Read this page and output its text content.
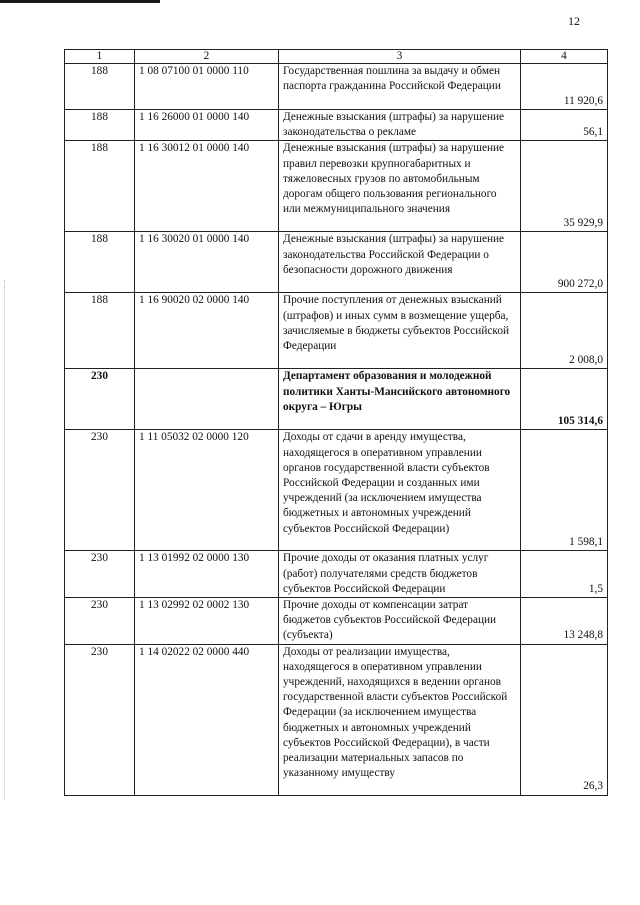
12
1	2	3	4
188	1 08 07100 01 0000 110	Государственная пошлина за выдачу и обмен паспорта гражданина Российской Федерации	11 920,6
188	1 16 26000 01 0000 140	Денежные взыскания (штрафы) за нарушение законодательства о рекламе	56,1
188	1 16 30012 01 0000 140	Денежные взыскания (штрафы) за нарушение правил перевозки крупногабаритных и тяжеловесных грузов по автомобильным дорогам общего пользования регионального или межмуниципального значения	35 929,9
188	1 16 30020 01 0000 140	Денежные взыскания (штрафы) за нарушение законодательства Российской Федерации о безопасности дорожного движения	900 272,0
188	1 16 90020 02 0000 140	Прочие поступления от денежных взысканий (штрафов) и иных сумм в возмещение ущерба, зачисляемые в бюджеты субъектов Российской Федерации	2 008,0
230		Департамент образования и молодежной политики Ханты-Мансийского автономного округа – Югры	105 314,6
230	1 11 05032 02 0000 120	Доходы от сдачи в аренду имущества, находящегося в оперативном управлении органов государственной власти субъектов Российской Федерации и созданных ими учреждений (за исключением имущества бюджетных и автономных учреждений субъектов Российской Федерации)	1 598,1
230	1 13 01992 02 0000 130	Прочие доходы от оказания платных услуг (работ) получателями средств бюджетов субъектов Российской Федерации	1,5
230	1 13 02992 02 0002 130	Прочие доходы от компенсации затрат бюджетов субъектов Российской Федерации (субъекта)	13 248,8
230	1 14 02022 02 0000 440	Доходы от реализации имущества, находящегося в оперативном управлении учреждений, находящихся в ведении органов государственной власти субъектов Российской Федерации (за исключением имущества бюджетных и автономных учреждений субъектов Российской Федерации), в части реализации материальных запасов по указанному имуществу	26,3
